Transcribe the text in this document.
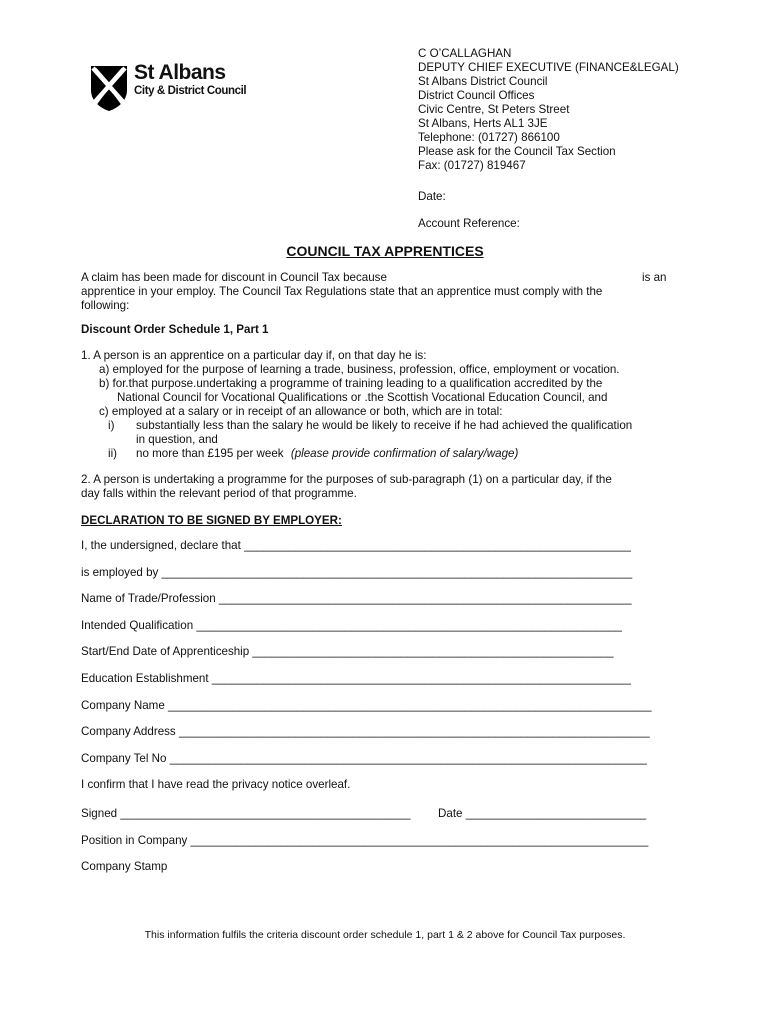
St Albans
City & District Council
C O’CALLAGHAN
DEPUTY CHIEF EXECUTIVE (FINANCE&LEGAL)
St Albans District Council
District Council Offices
Civic Centre, St Peters Street
St Albans, Herts AL1 3JE
Telephone: (01727) 866100
Please ask for the Council Tax Section
Fax: (01727) 819467
Date:
Account Reference:
COUNCIL TAX APPRENTICES
A claim has been made for discount in Council Tax because	is an
apprentice in your employ. The Council Tax Regulations state that an apprentice must comply with the
following:
Discount Order Schedule 1, Part 1
1. A person is an apprentice on a particular day if, on that day he is:
a) employed for the purpose of learning a trade, business, profession, office, employment or vocation.
b) for.that purpose.undertaking a programme of training leading to a qualification accredited by the
National Council for Vocational Qualifications or .the Scottish Vocational Education Council, and
c) employed at a salary or in receipt of an allowance or both, which are in total:
i) substantially less than the salary he would be likely to receive if he had achieved the qualification
in question, and
ii) no more than £195 per week (please provide confirmation of salary/wage)
2. A person is undertaking a programme for the purposes of sub-paragraph (1) on a particular day, if the
day falls within the relevant period of that programme.
DECLARATION TO BE SIGNED BY EMPLOYER:
I, the undersigned, declare that ____________________________________________________________
is employed by _________________________________________________________________________
Name of Trade/Profession ________________________________________________________________
Intended Qualification __________________________________________________________________
Start/End Date of Apprenticeship ________________________________________________________
Education Establishment _________________________________________________________________
Company Name ___________________________________________________________________________
Company Address _________________________________________________________________________
Company Tel No __________________________________________________________________________
I confirm that I have read the privacy notice overleaf.
Signed _____________________________________________ Date ____________________________
Position in Company _______________________________________________________________________
Company Stamp
This information fulfils the criteria discount order schedule 1, part 1 & 2 above for Council Tax purposes.
